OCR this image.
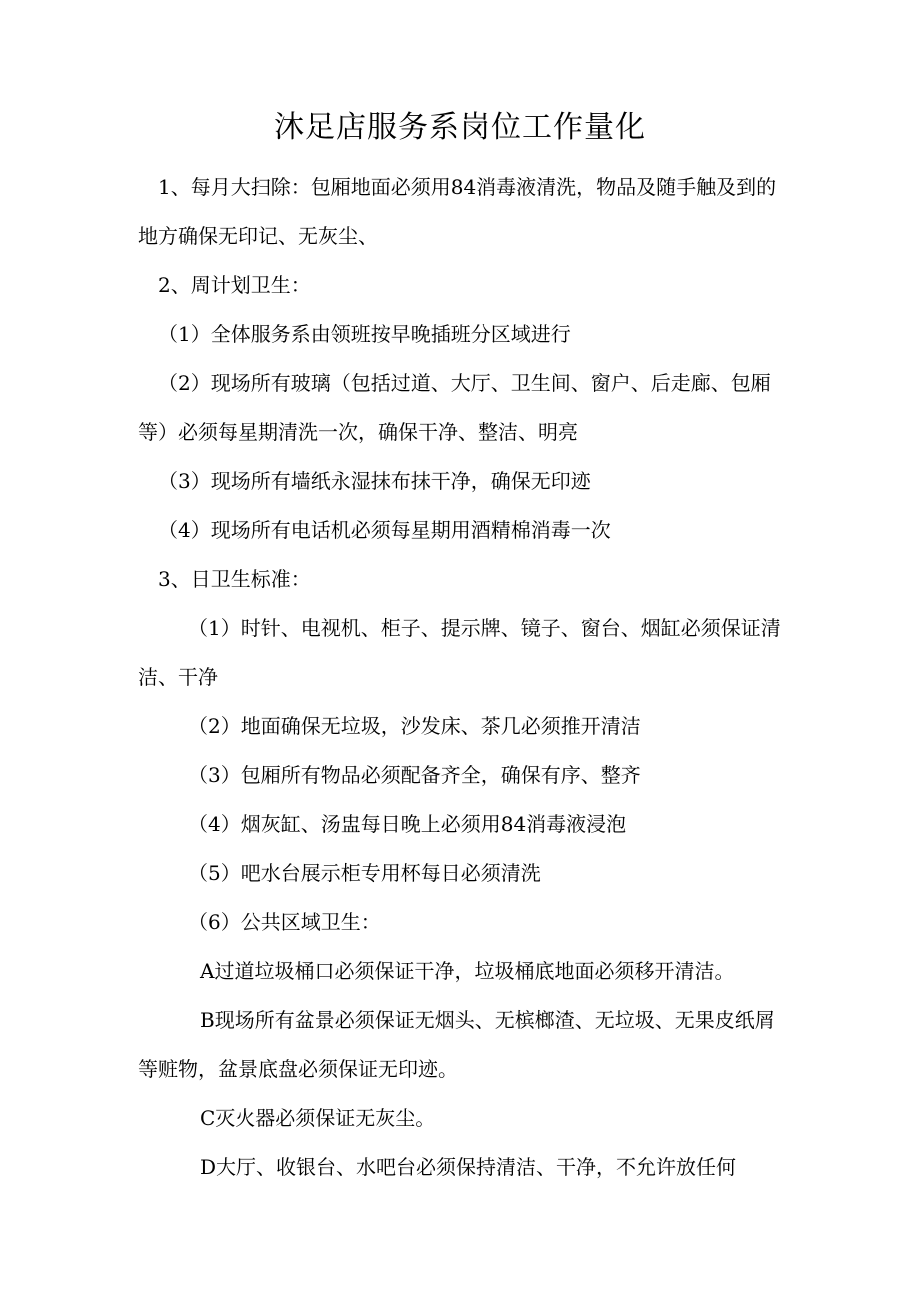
沐足店服务系岗位工作量化
1、每月大扫除：包厢地面必须用84消毒液清洗，物品及随手触及到的地方确保无印记、无灰尘、
2、周计划卫生：
（1）全体服务系由领班按早晚插班分区域进行
（2）现场所有玻璃（包括过道、大厅、卫生间、窗户、后走廊、包厢等）必须每星期清洗一次，确保干净、整洁、明亮
（3）现场所有墙纸永湿抹布抹干净，确保无印迹
（4）现场所有电话机必须每星期用酒精棉消毒一次
3、日卫生标准：
（1）时针、电视机、柜子、提示牌、镜子、窗台、烟缸必须保证清洁、干净
（2）地面确保无垃圾，沙发床、茶几必须推开清洁
（3）包厢所有物品必须配备齐全，确保有序、整齐
（4）烟灰缸、汤盅每日晚上必须用84消毒液浸泡
（5）吧水台展示柜专用杯每日必须清洗
（6）公共区域卫生：
A过道垃圾桶口必须保证干净，垃圾桶底地面必须移开清洁。
B现场所有盆景必须保证无烟头、无槟榔渣、无垃圾、无果皮纸屑等赃物，盆景底盘必须保证无印迹。
C灭火器必须保证无灰尘。
D大厅、收银台、水吧台必须保持清洁、干净，不允许放任何
